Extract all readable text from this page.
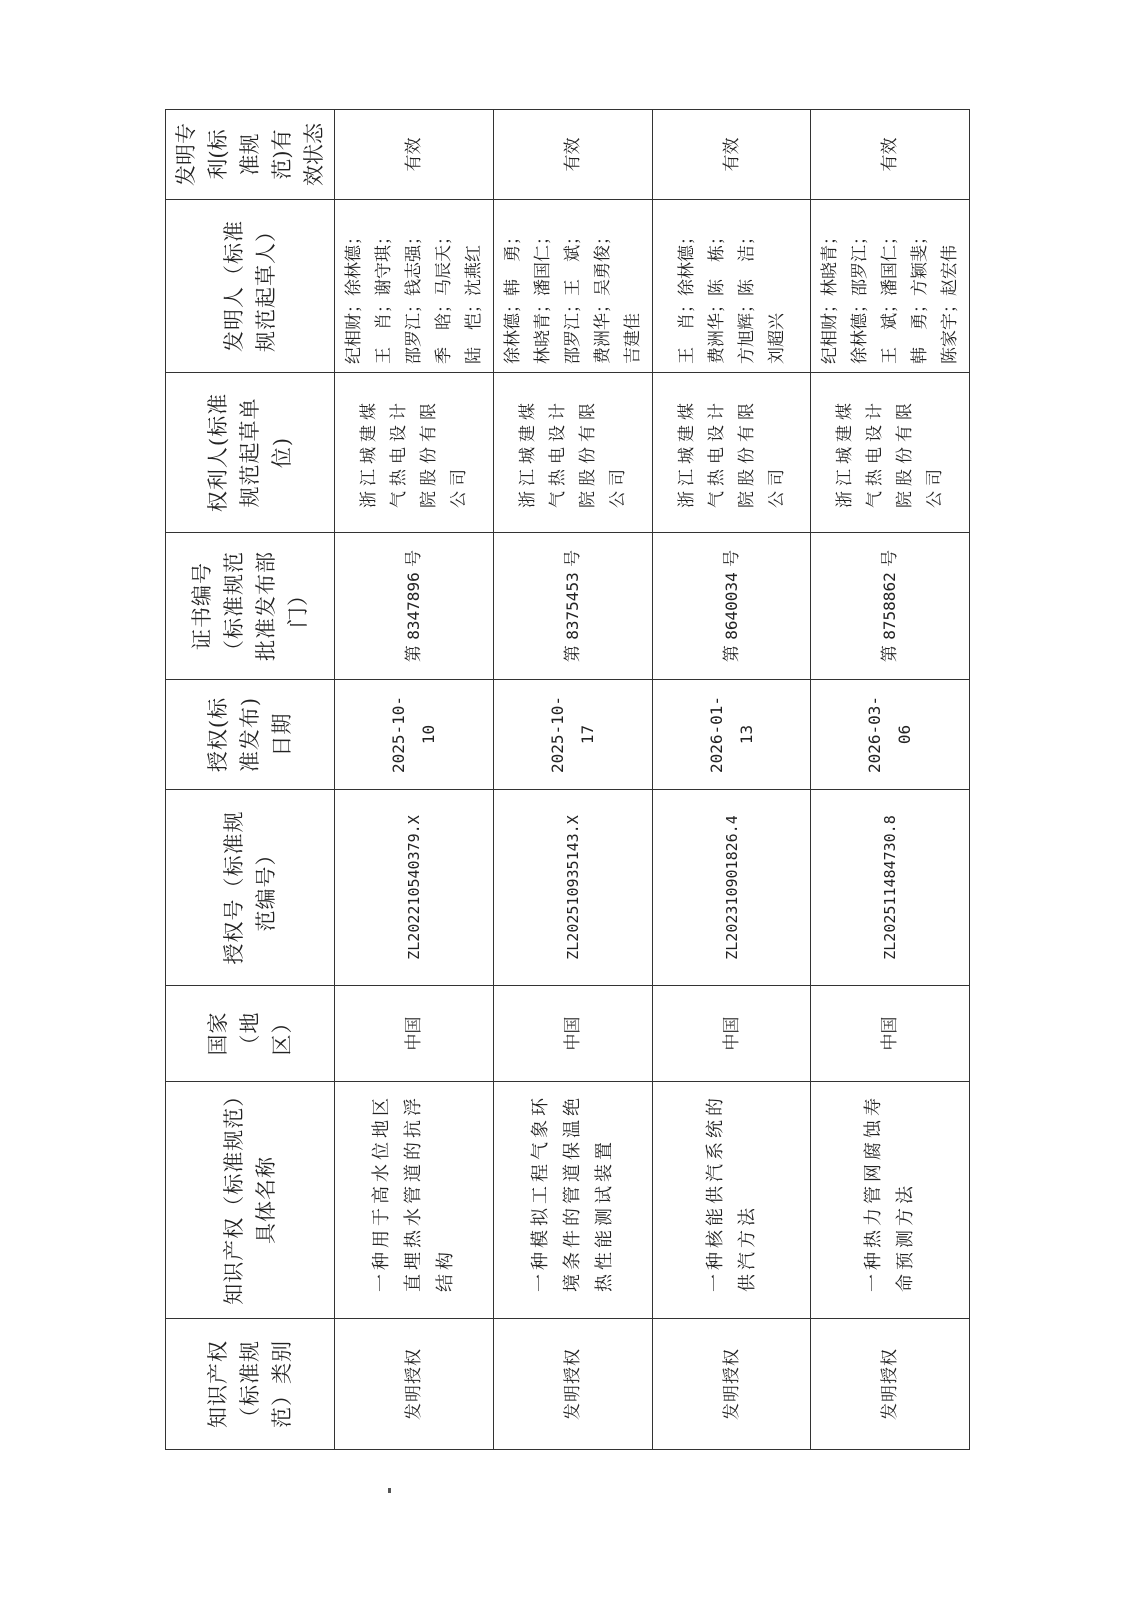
知识产权（标准规范）类别	知识产权（标准规范）具体名称	国家（地区）	授权号（标准规范编号）	授权(标准发布)日期	证书编号（标准规范批准发布部门）	权利人(标准规范起草单位)	发明人（标准规范起草人）	发明专利(标准规范)有效状态
发明授权	一种用于高水位地区直埋热水管道的抗浮结构	中国	ZL202210540379.X	2025-10-10	第 8347896 号	浙江城建煤气热电设计院股份有限公司	纪相财；徐林德； 王　肖；谢守琪； 邵罗江；钱志强； 季　晗；马辰天； 陆　恺；沈燕红	有效
发明授权	一种模拟工程气象环境条件的管道保温绝热性能测试装置	中国	ZL202510935143.X	2025-10-17	第 8375453 号	浙江城建煤气热电设计院股份有限公司	徐林德；韩　勇； 林晓青；潘国仁； 邵罗江；王　斌； 费洲华；吴勇俊； 吉建佳	有效
发明授权	一种核能供汽系统的供汽方法	中国	ZL202310901826.4	2026-01-13	第 8640034 号	浙江城建煤气热电设计院股份有限公司	王　肖；徐林德； 费洲华；陈　栋； 方旭辉；陈　洁； 刘超兴	有效
发明授权	一种热力管网腐蚀寿命预测方法	中国	ZL202511484730.8	2026-03-06	第 8758862 号	浙江城建煤气热电设计院股份有限公司	纪相财；林晓青； 徐林德；邵罗江； 王　斌；潘国仁； 韩　勇；方颖斐； 陈家宇；赵宏伟	有效
